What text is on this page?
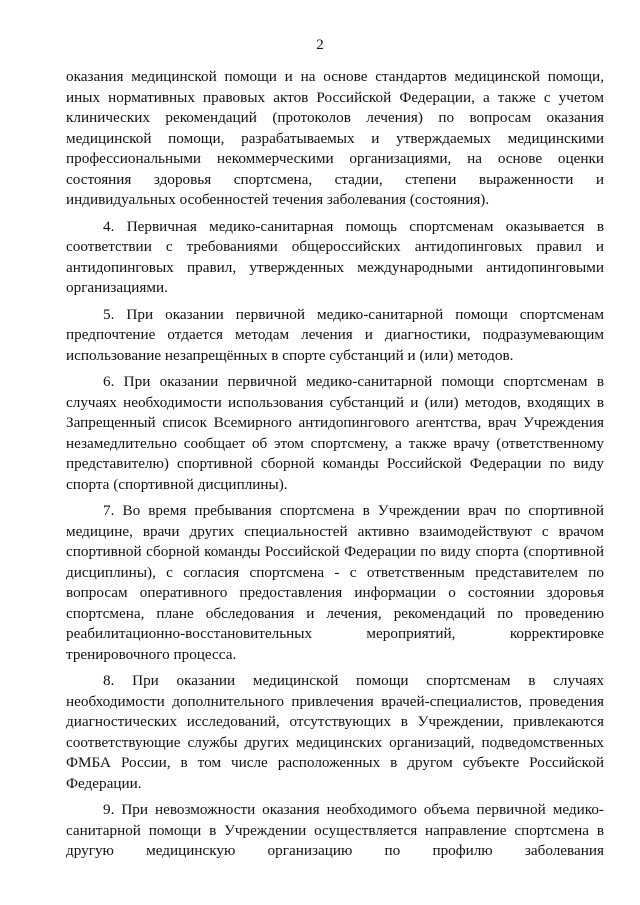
2

оказания медицинской помощи и на основе стандартов медицинской помощи, иных нормативных правовых актов Российской Федерации, а также с учетом клинических рекомендаций (протоколов лечения) по вопросам оказания медицинской помощи, разрабатываемых и утверждаемых медицинскими профессиональными некоммерческими организациями, на основе оценки состояния здоровья спортсмена, стадии, степени выраженности и индивидуальных особенностей течения заболевания (состояния).

4. Первичная медико-санитарная помощь спортсменам оказывается в соответствии с требованиями общероссийских антидопинговых правил и антидопинговых правил, утвержденных международными антидопинговыми организациями.

5. При оказании первичной медико-санитарной помощи спортсменам предпочтение отдается методам лечения и диагностики, подразумевающим использование незапрещённых в спорте субстанций и (или) методов.

6. При оказании первичной медико-санитарной помощи спортсменам в случаях необходимости использования субстанций и (или) методов, входящих в Запрещенный список Всемирного антидопингового агентства, врач Учреждения незамедлительно сообщает об этом спортсмену, а также врачу (ответственному представителю) спортивной сборной команды Российской Федерации по виду спорта (спортивной дисциплины).

7. Во время пребывания спортсмена в Учреждении врач по спортивной медицине, врачи других специальностей активно взаимодействуют с врачом спортивной сборной команды Российской Федерации по виду спорта (спортивной дисциплины), с согласия спортсмена - с ответственным представителем по вопросам оперативного предоставления информации о состоянии здоровья спортсмена, плане обследования и лечения, рекомендаций по проведению реабилитационно-восстановительных мероприятий, корректировке тренировочного процесса.

8. При оказании медицинской помощи спортсменам в случаях необходимости дополнительного привлечения врачей-специалистов, проведения диагностических исследований, отсутствующих в Учреждении, привлекаются соответствующие службы других медицинских организаций, подведомственных ФМБА России, в том числе расположенных в другом субъекте Российской Федерации.

9. При невозможности оказания необходимого объема первичной медико-санитарной помощи в Учреждении осуществляется направление спортсмена в другую медицинскую организацию по профилю заболевания
